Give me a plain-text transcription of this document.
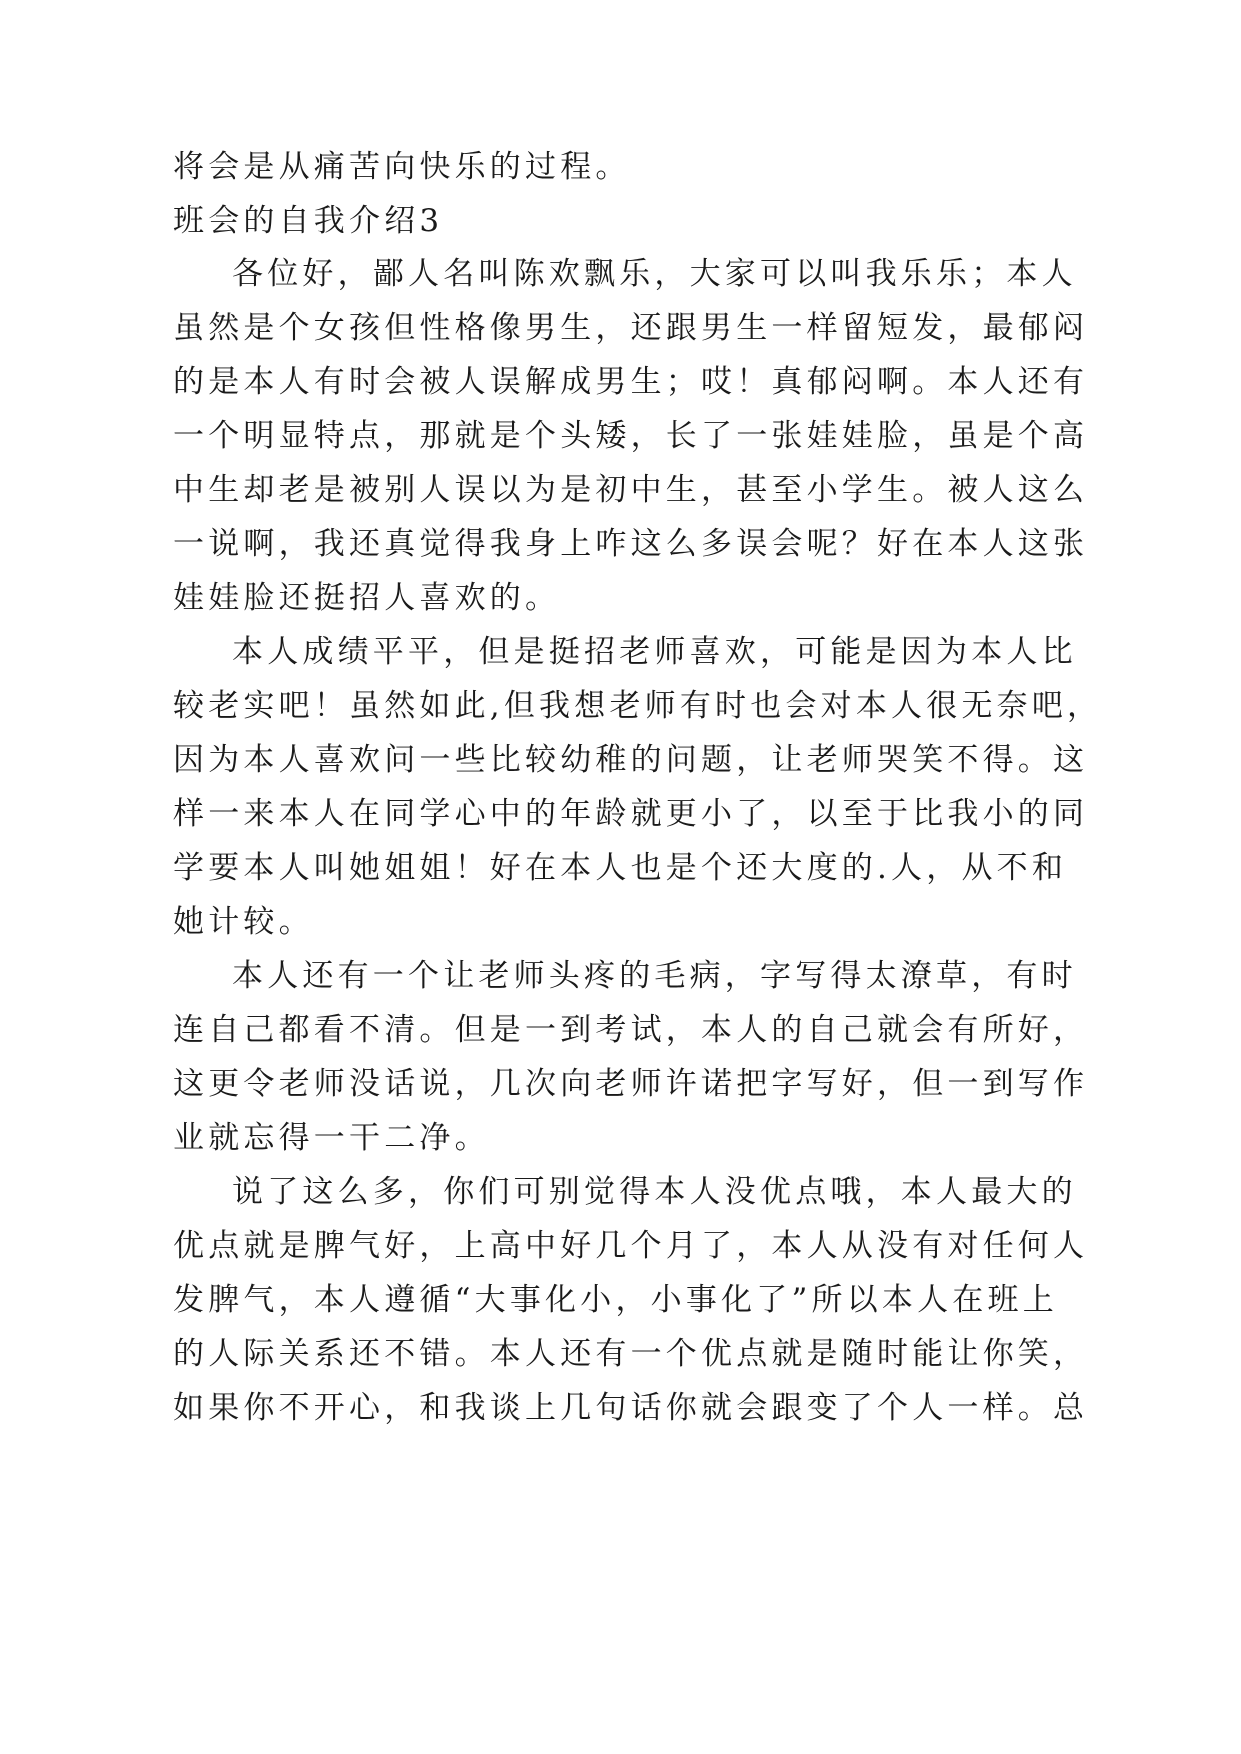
将会是从痛苦向快乐的过程。
班会的自我介绍3
各位好，鄙人名叫陈欢飘乐，大家可以叫我乐乐；本人
虽然是个女孩但性格像男生，还跟男生一样留短发，最郁闷
的是本人有时会被人误解成男生；哎！真郁闷啊。本人还有
一个明显特点，那就是个头矮，长了一张娃娃脸，虽是个高
中生却老是被别人误以为是初中生，甚至小学生。被人这么
一说啊，我还真觉得我身上咋这么多误会呢？好在本人这张
娃娃脸还挺招人喜欢的。
本人成绩平平，但是挺招老师喜欢，可能是因为本人比
较老实吧！虽然如此,但我想老师有时也会对本人很无奈吧，
因为本人喜欢问一些比较幼稚的问题，让老师哭笑不得。这
样一来本人在同学心中的年龄就更小了，以至于比我小的同
学要本人叫她姐姐！好在本人也是个还大度的.人，从不和
她计较。
本人还有一个让老师头疼的毛病，字写得太潦草，有时
连自己都看不清。但是一到考试，本人的自己就会有所好，
这更令老师没话说，几次向老师许诺把字写好，但一到写作
业就忘得一干二净。
说了这么多，你们可别觉得本人没优点哦，本人最大的
优点就是脾气好，上高中好几个月了，本人从没有对任何人
发脾气，本人遵循“大事化小，小事化了”所以本人在班上
的人际关系还不错。本人还有一个优点就是随时能让你笑，
如果你不开心，和我谈上几句话你就会跟变了个人一样。总
